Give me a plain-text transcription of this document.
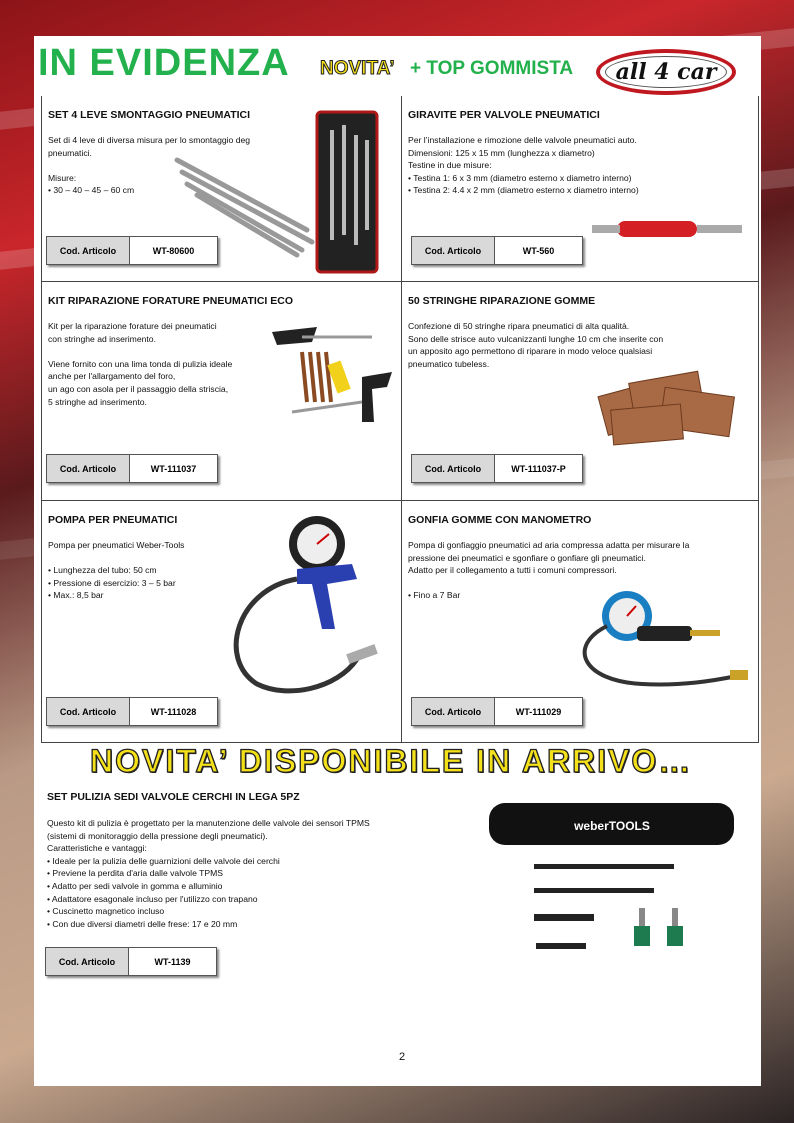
IN EVIDENZA NOVITA’ + TOP GOMMISTA	all 4 car
SET 4 LEVE SMONTAGGIO PNEUMATICI
Set di 4 leve di diversa misura per lo smontaggio deg
pneumatici.

Misure:
• 30 – 40 – 45 – 60 cm
Cod. Articolo	WT-80600
GIRAVITE PER VALVOLE PNEUMATICI
Per l’installazione e rimozione delle valvole pneumatici auto.
Dimensioni: 125 x 15 mm (lunghezza x diametro)
Testine in due misure:
• Testina 1: 6 x 3 mm (diametro esterno x diametro interno)
• Testina 2: 4.4 x 2 mm (diametro esterno x diametro interno)
Cod. Articolo	WT-560
KIT RIPARAZIONE FORATURE PNEUMATICI ECO
Kit per la riparazione forature dei pneumatici
con stringhe ad inserimento.

Viene fornito con una lima tonda di pulizia ideale
anche per l'allargamento del foro,
un ago con asola per il passaggio della striscia,
5 stringhe ad inserimento.
Cod. Articolo	WT-111037
50 STRINGHE RIPARAZIONE GOMME
Confezione di 50 stringhe ripara pneumatici di alta qualità.
Sono delle strisce auto vulcanizzanti lunghe 10 cm che inserite con
un apposito ago permettono di riparare in modo veloce qualsiasi
pneumatico tubeless.
Cod. Articolo	WT-111037-P
POMPA PER PNEUMATICI
Pompa per pneumatici Weber-Tools

• Lunghezza del tubo: 50 cm
• Pressione di esercizio: 3 – 5 bar
• Max.: 8,5 bar
Cod. Articolo	WT-111028
GONFIA GOMME CON MANOMETRO
Pompa di gonfiaggio pneumatici ad aria compressa adatta per misurare la
pressione dei pneumatici e sgonfiare o gonfiare gli pneumatici.
Adatto per il collegamento a tutti i comuni compressori.

• Fino a 7 Bar
Cod. Articolo	WT-111029
NOVITA’ DISPONIBILE IN ARRIVO…
SET PULIZIA SEDI VALVOLE CERCHI IN LEGA 5PZ
Questo kit di pulizia è progettato per la manutenzione delle valvole dei sensori TPMS
(sistemi di monitoraggio della pressione degli pneumatici).
Caratteristiche e vantaggi:
• Ideale per la pulizia delle guarnizioni delle valvole dei cerchi
• Previene la perdita d'aria dalle valvole TPMS
• Adatto per sedi valvole in gomma e alluminio
• Adattatore esagonale incluso per l'utilizzo con trapano
• Cuscinetto magnetico incluso
• Con due diversi diametri delle frese: 17 e 20 mm
Cod. Articolo	WT-1139
weberTOOLS
2
